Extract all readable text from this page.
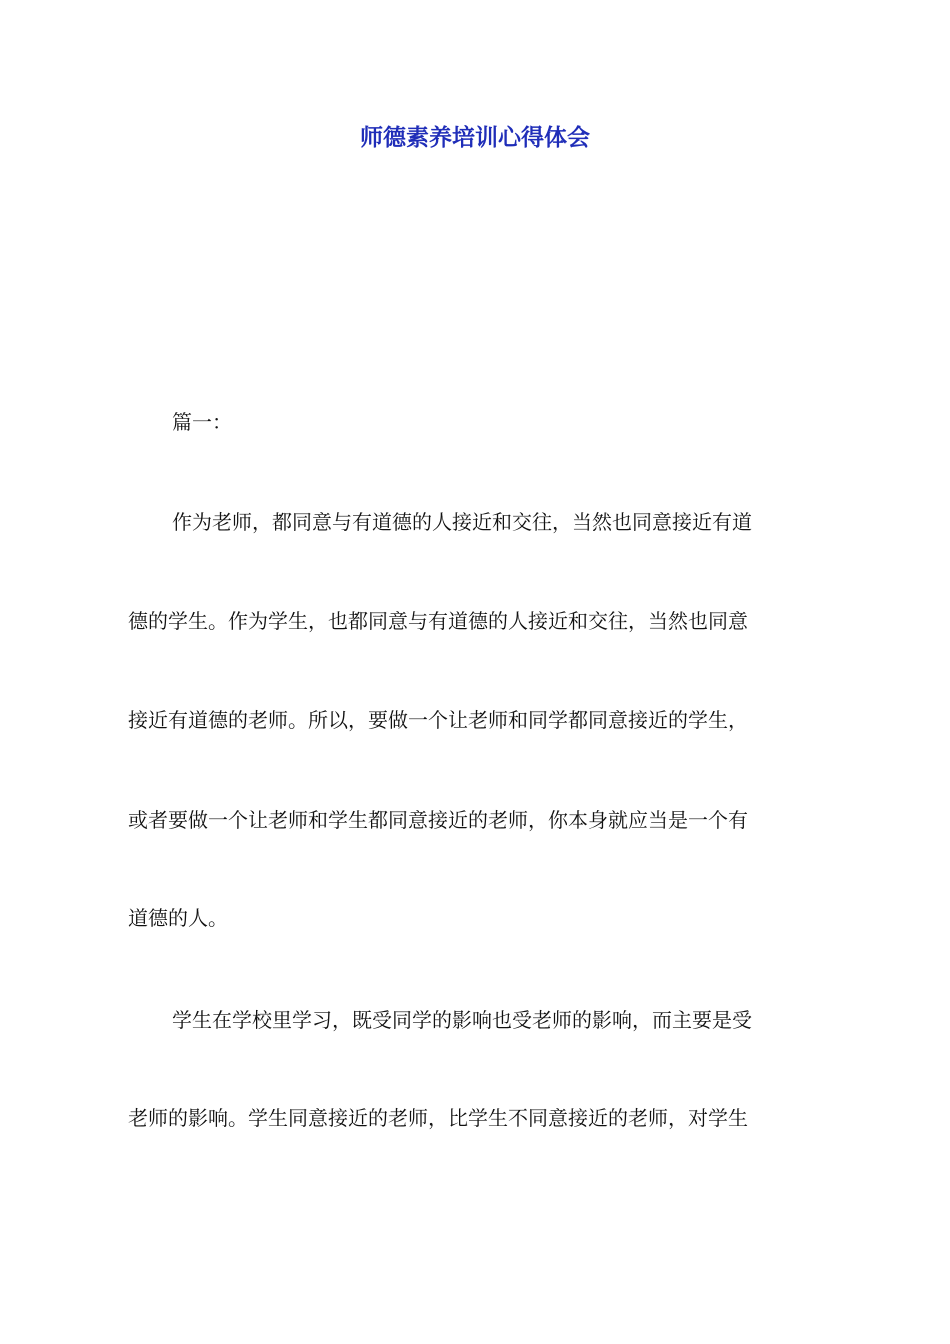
师德素养培训心得体会

篇一：

作为老师，都同意与有道德的人接近和交往，当然也同意接近有道

德的学生。作为学生，也都同意与有道德的人接近和交往，当然也同意

接近有道德的老师。所以，要做一个让老师和同学都同意接近的学生，

或者要做一个让老师和学生都同意接近的老师，你本身就应当是一个有

道德的人。

学生在学校里学习，既受同学的影响也受老师的影响，而主要是受

老师的影响。学生同意接近的老师，比学生不同意接近的老师，对学生
